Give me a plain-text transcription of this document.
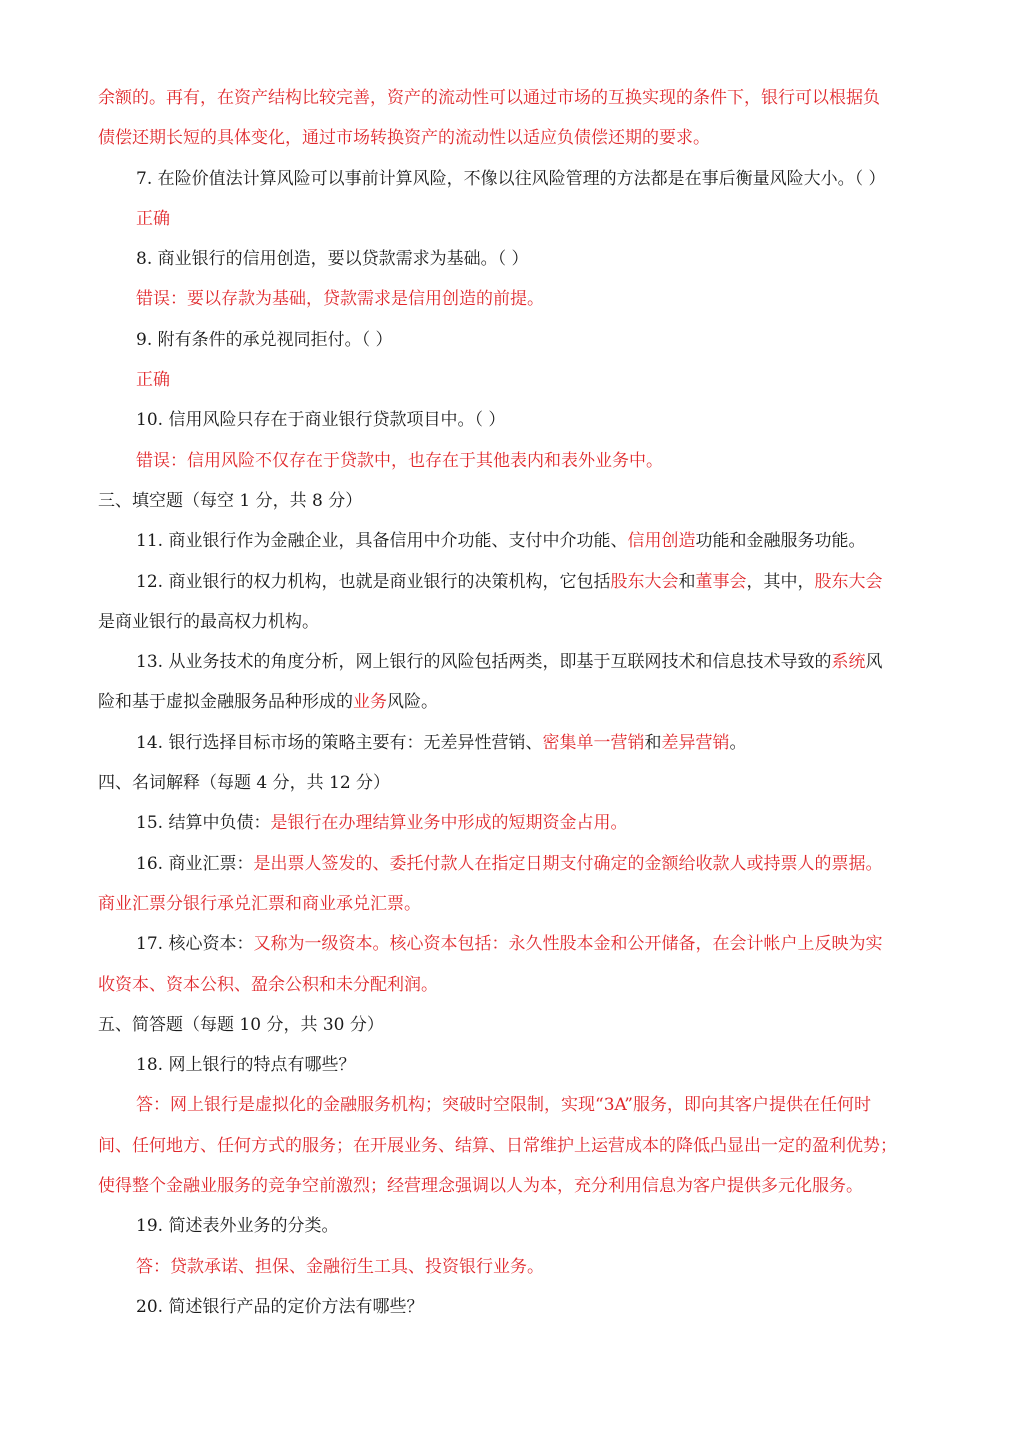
余额的。再有，在资产结构比较完善，资产的流动性可以通过市场的互换实现的条件下，银行可以根据负
债偿还期长短的具体变化，通过市场转换资产的流动性以适应负债偿还期的要求。
7. 在险价值法计算风险可以事前计算风险，不像以往风险管理的方法都是在事后衡量风险大小。（ ）
正确
8. 商业银行的信用创造，要以贷款需求为基础。（ ）
错误：要以存款为基础，贷款需求是信用创造的前提。
9. 附有条件的承兑视同拒付。（ ）
正确
10. 信用风险只存在于商业银行贷款项目中。（ ）
错误：信用风险不仅存在于贷款中，也存在于其他表内和表外业务中。
三、填空题（每空 1 分，共 8 分）
11. 商业银行作为金融企业，具备信用中介功能、支付中介功能、信用创造功能和金融服务功能。
12. 商业银行的权力机构，也就是商业银行的决策机构，它包括股东大会和董事会，其中，股东大会
是商业银行的最高权力机构。
13. 从业务技术的角度分析，网上银行的风险包括两类，即基于互联网技术和信息技术导致的系统风
险和基于虚拟金融服务品种形成的业务风险。
14. 银行选择目标市场的策略主要有：无差异性营销、密集单一营销和差异营销。
四、名词解释（每题 4 分，共 12 分）
15. 结算中负债：是银行在办理结算业务中形成的短期资金占用。
16. 商业汇票：是出票人签发的、委托付款人在指定日期支付确定的金额给收款人或持票人的票据。
商业汇票分银行承兑汇票和商业承兑汇票。
17. 核心资本：又称为一级资本。核心资本包括：永久性股本金和公开储备，在会计帐户上反映为实
收资本、资本公积、盈余公积和未分配利润。
五、简答题（每题 10 分，共 30 分）
18. 网上银行的特点有哪些？
答：网上银行是虚拟化的金融服务机构；突破时空限制，实现“3A”服务，即向其客户提供在任何时
间、任何地方、任何方式的服务；在开展业务、结算、日常维护上运营成本的降低凸显出一定的盈利优势；
使得整个金融业服务的竞争空前激烈；经营理念强调以人为本，充分利用信息为客户提供多元化服务。
19. 简述表外业务的分类。
答：贷款承诺、担保、金融衍生工具、投资银行业务。
20. 简述银行产品的定价方法有哪些？
